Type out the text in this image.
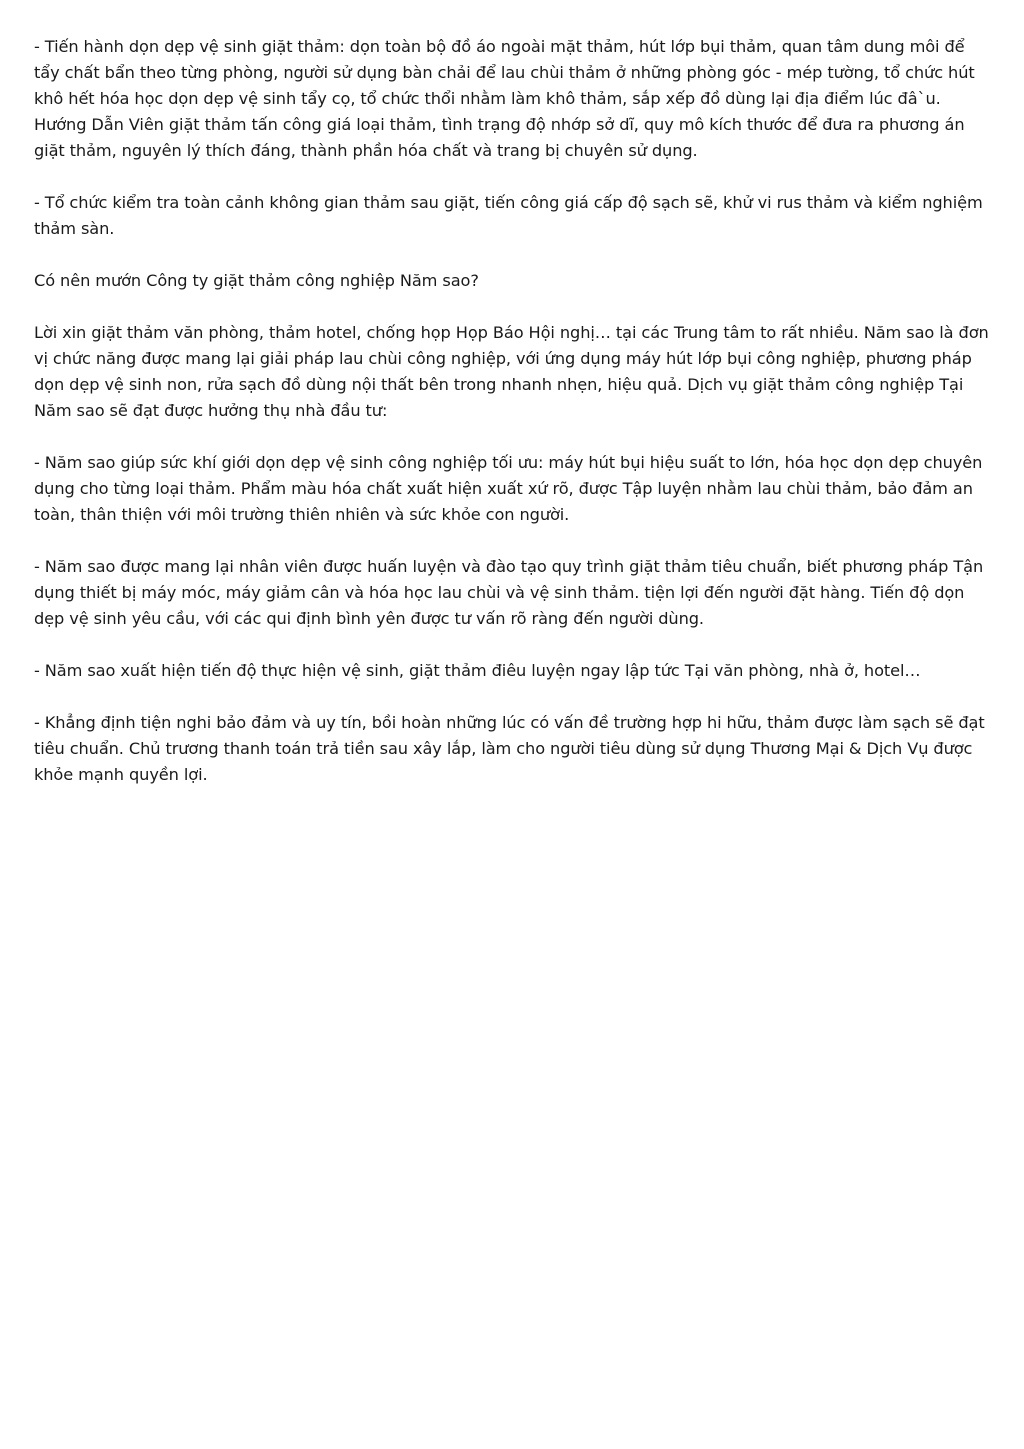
- Tiến hành dọn dẹp vệ sinh giặt thảm: dọn toàn bộ đồ áo ngoài mặt thảm, hút lớp bụi thảm, quan tâm dung môi để tẩy chất bẩn theo từng phòng, người sử dụng bàn chải để lau chùi thảm ở những phòng góc - mép tường, tổ chức hút khô hết hóa học dọn dẹp vệ sinh tẩy cọ, tổ chức thổi nhằm làm khô thảm, sắp xếp đồ dùng lại địa điểm lúc đâ`u. Hướng Dẫn Viên giặt thảm tấn công giá loại thảm, tình trạng độ nhớp sở dĩ, quy mô kích thước để đưa ra phương án giặt thảm, nguyên lý thích đáng, thành phần hóa chất và trang bị chuyên sử dụng.

- Tổ chức kiểm tra toàn cảnh không gian thảm sau giặt, tiến công giá cấp độ sạch sẽ, khử vi rus thảm và kiểm nghiệm thảm sàn.

Có nên mướn Công ty giặt thảm công nghiệp Năm sao?

Lời xin giặt thảm văn phòng, thảm hotel, chống họp Họp Báo Hội nghị… tại các Trung tâm to rất nhiều. Năm sao là đơn vị chức năng được mang lại giải pháp lau chùi công nghiệp, với ứng dụng máy hút lớp bụi công nghiệp, phương pháp dọn dẹp vệ sinh non, rửa sạch đồ dùng nội thất bên trong nhanh nhẹn, hiệu quả. Dịch vụ giặt thảm công nghiệp Tại Năm sao sẽ đạt được hưởng thụ nhà đầu tư:

- Năm sao giúp sức khí giới dọn dẹp vệ sinh công nghiệp tối ưu: máy hút bụi hiệu suất to lớn, hóa học dọn dẹp chuyên dụng cho từng loại thảm. Phẩm màu hóa chất xuất hiện xuất xứ rõ, được Tập luyện nhằm lau chùi thảm, bảo đảm an toàn, thân thiện với môi trường thiên nhiên và sức khỏe con người.

- Năm sao được mang lại nhân viên được huấn luyện và đào tạo quy trình giặt thảm tiêu chuẩn, biết phương pháp Tận dụng thiết bị máy móc, máy giảm cân và hóa học lau chùi và vệ sinh thảm. tiện lợi đến người đặt hàng. Tiến độ dọn dẹp vệ sinh yêu cầu, với các qui định bình yên được tư vấn rõ ràng đến người dùng.

- Năm sao xuất hiện tiến độ thực hiện vệ sinh, giặt thảm điêu luyện ngay lập tức Tại văn phòng, nhà ở, hotel…

- Khẳng định tiện nghi bảo đảm và uy tín, bồi hoàn những lúc có vấn đề trường hợp hi hữu, thảm được làm sạch sẽ đạt tiêu chuẩn. Chủ trương thanh toán trả tiền sau xây lắp, làm cho người tiêu dùng sử dụng Thương Mại & Dịch Vụ được khỏe mạnh quyền lợi.
